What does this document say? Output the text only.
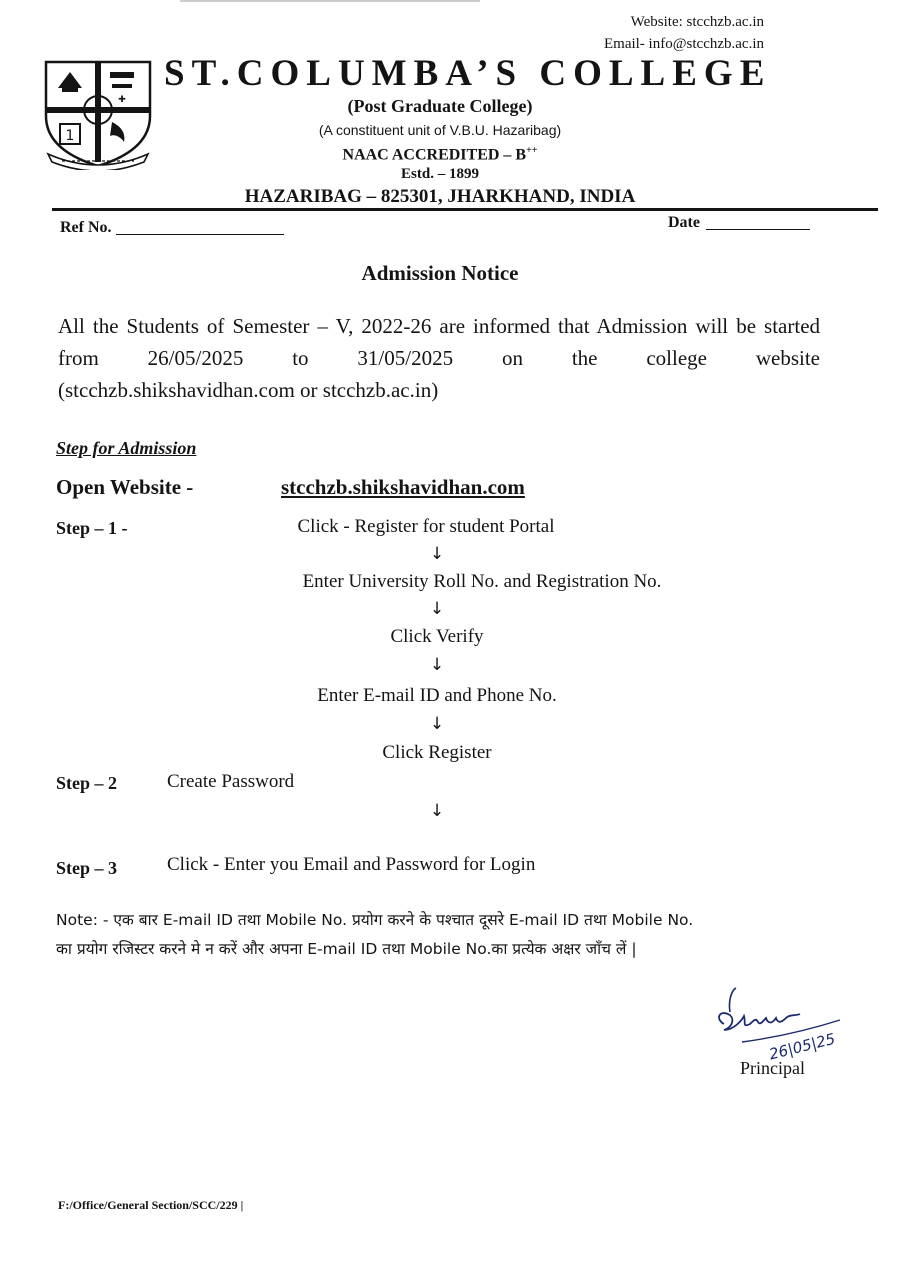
Website: stcchzb.ac.in
Email- info@stcchzb.ac.in
✚
1
ST.COLUMBA’S COLLEGE
(Post Graduate College)
(A constituent unit of V.B.U. Hazaribag)
NAAC ACCREDITED – B++
Estd. – 1899
HAZARIBAG – 825301, JHARKHAND, INDIA
Ref No.	Date
Admission Notice
All the Students of Semester – V, 2022-26 are informed that Admission will be started from 26/05/2025 to 31/05/2025 on the college website
(stcchzb.shikshavidhan.com or stcchzb.ac.in)
Step for Admission
Open Website -	stcchzb.shikshavidhan.com
Step – 1 -	Click - Register for student Portal
↓
Enter University Roll No. and Registration No.
↓
Click Verify
↓
Enter E-mail ID and Phone No.
↓
Click Register
Step – 2	Create Password
↓
Step – 3	Click - Enter you Email and Password for Login
Note: - एक बार E-mail ID तथा Mobile No. प्रयोग करने के पश्चात दूसरे E-mail ID तथा Mobile No.
का प्रयोग रजिस्टर करने मे न करें और अपना E-mail ID तथा Mobile No.का प्रत्येक अक्षर जाँच लें |
26|05|25
Principal
F:/Office/General Section/SCC/229 |
